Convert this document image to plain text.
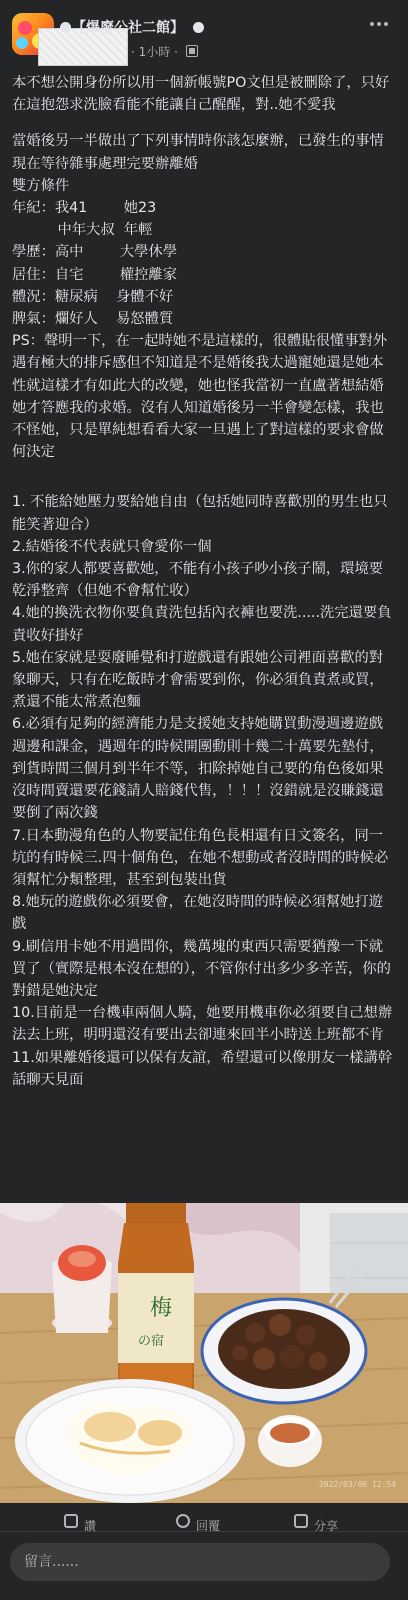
【爆廢公社二館】
· 1小時 ·

本不想公開身份所以用一個新帳號PO文但是被刪除了，只好在這抱怨求洗臉看能不能讓自己醒醒，對..她不愛我

當婚後另一半做出了下列事情時你該怎麼辦，已發生的事情現在等待雜事處理完要辦離婚

雙方條件

年紀：我41        她23

中年大叔  年輕

學歷：高中        大學休學

居住：自宅        權控離家

體況：糖尿病    身體不好

脾氣：爛好人    易怒體質

PS：聲明一下，在一起時她不是這樣的，很體貼很懂事對外遇有極大的排斥感但不知道是不是婚後我太過寵她還是她本性就這樣才有如此大的改變，她也怪我當初一直盧著想結婚她才答應我的求婚。沒有人知道婚後另一半會變怎樣，我也不怪她，只是單純想看看大家一旦遇上了對這樣的要求會做何決定

1. 不能給她壓力要給她自由（包括她同時喜歡別的男生也只能笑著迎合）

2.結婚後不代表就只會愛你一個

3.你的家人都要喜歡她，不能有小孩子吵小孩子鬧，環境要乾淨整齊（但她不會幫忙收）

4.她的換洗衣物你要負責洗包括內衣褲也要洗.....洗完還要負責收好掛好

5.她在家就是耍廢睡覺和打遊戲還有跟她公司裡面喜歡的對象聊天，只有在吃飯時才會需要到你，你必須負責煮或買，煮還不能太常煮泡麵

6.必須有足夠的經濟能力是支援她支持她購買動漫週邊遊戲週邊和課金，遇週年的時候開團動則十幾二十萬要先墊付，到貨時間三個月到半年不等，扣除掉她自己要的角色後如果沒時間賣還要花錢請人賠錢代售，！！！沒錯就是沒賺錢還要倒了兩次錢

7.日本動漫角色的人物要記住角色長相還有日文簽名，同一坑的有時候三.四十個角色，在她不想動或者沒時間的時候必須幫忙分類整理，甚至到包裝出貨

8.她玩的遊戲你必須要會，在她沒時間的時候必須幫她打遊戲

9.刷信用卡她不用過問你，幾萬塊的東西只需要猶豫一下就買了（實際是根本沒在想的），不管你付出多少多辛苦，你的對錯是她決定

10.目前是一台機車兩個人騎，她要用機車你必須要自己想辦法去上班，明明還沒有要出去卻連來回半小時送上班都不肯

11.如果離婚後還可以保有友誼，希望還可以像朋友一樣講幹話聊天見面

梅
の宿
2022/03/06 12:54
讚	回覆	分享
留言......
